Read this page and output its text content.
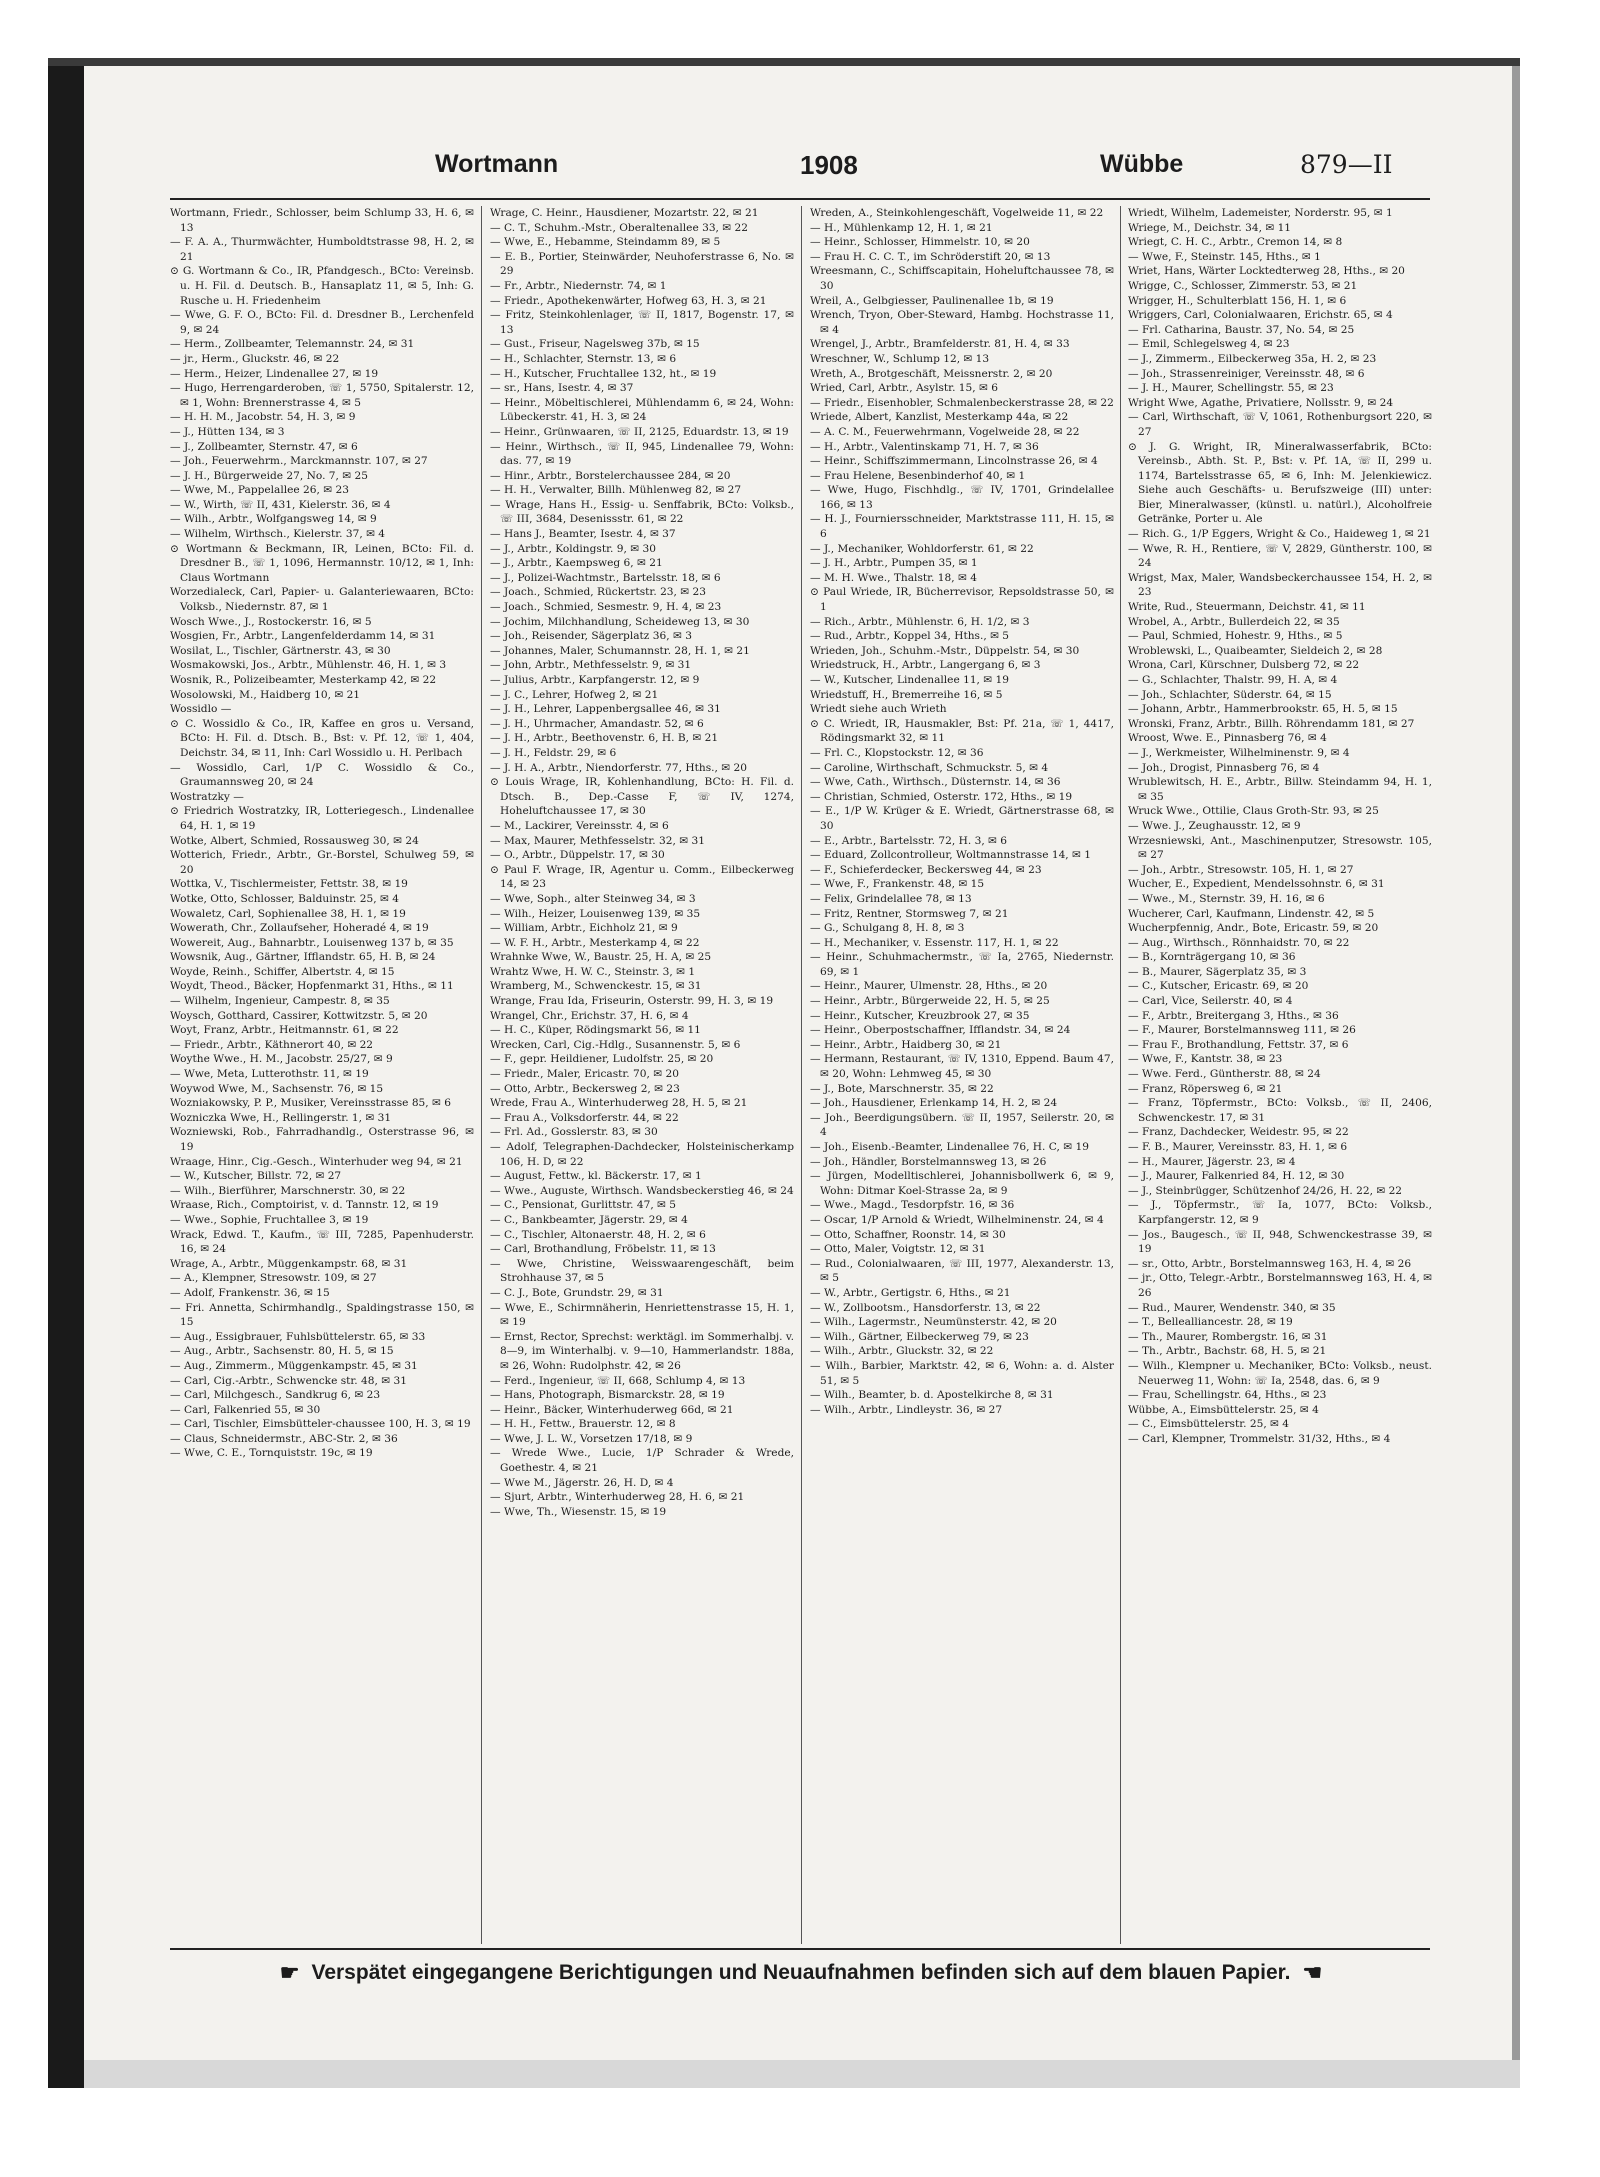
Wortmann	1908	Wübbe	879—II

Wortmann, Friedr., Schlosser, beim Schlump 33, H. 6, ✉ 13

— F. A. A., Thurmwächter, Humboldtstrasse 98, H. 2, ✉ 21

⊙ G. Wortmann & Co., IR, Pfandgesch., BCto: Vereinsb. u. H. Fil. d. Deutsch. B., Hansaplatz 11, ✉ 5, Inh: G. Rusche u. H. Friedenheim

— Wwe, G. F. O., BCto: Fil. d. Dresdner B., Lerchenfeld 9, ✉ 24

— Herm., Zollbeamter, Telemannstr. 24, ✉ 31

— jr., Herm., Gluckstr. 46, ✉ 22

— Herm., Heizer, Lindenallee 27, ✉ 19

— Hugo, Herrengarderoben, ☏ 1, 5750, Spitalerstr. 12, ✉ 1, Wohn: Brennerstrasse 4, ✉ 5

— H. H. M., Jacobstr. 54, H. 3, ✉ 9

— J., Hütten 134, ✉ 3

— J., Zollbeamter, Sternstr. 47, ✉ 6

— Joh., Feuerwehrm., Marckmannstr. 107, ✉ 27

— J. H., Bürgerweide 27, No. 7, ✉ 25

— Wwe, M., Pappelallee 26, ✉ 23

— W., Wirth, ☏ II, 431, Kielerstr. 36, ✉ 4

— Wilh., Arbtr., Wolfgangsweg 14, ✉ 9

— Wilhelm, Wirthsch., Kielerstr. 37, ✉ 4

⊙ Wortmann & Beckmann, IR, Leinen, BCto: Fil. d. Dresdner B., ☏ 1, 1096, Hermannstr. 10/12, ✉ 1, Inh: Claus Wortmann

Worzedialeck, Carl, Papier- u. Galanteriewaaren, BCto: Volksb., Niedernstr. 87, ✉ 1

Wosch Wwe., J., Rostockerstr. 16, ✉ 5

Wosgien, Fr., Arbtr., Langenfelderdamm 14, ✉ 31

Wosilat, L., Tischler, Gärtnerstr. 43, ✉ 30

Wosmakowski, Jos., Arbtr., Mühlenstr. 46, H. 1, ✉ 3

Wosnik, R., Polizeibeamter, Mesterkamp 42, ✉ 22

Wosolowski, M., Haidberg 10, ✉ 21

Wossidlo —

⊙ C. Wossidlo & Co., IR, Kaffee en gros u. Versand, BCto: H. Fil. d. Dtsch. B., Bst: v. Pf. 12, ☏ 1, 404, Deichstr. 34, ✉ 11, Inh: Carl Wossidlo u. H. Perlbach

— Wossidlo, Carl, 1/P C. Wossidlo & Co., Graumannsweg 20, ✉ 24

Wostratzky —

⊙ Friedrich Wostratzky, IR, Lotteriegesch., Lindenallee 64, H. 1, ✉ 19

Wotke, Albert, Schmied, Rossausweg 30, ✉ 24

Wotterich, Friedr., Arbtr., Gr.-Borstel, Schulweg 59, ✉ 20

Wottka, V., Tischlermeister, Fettstr. 38, ✉ 19

Wotke, Otto, Schlosser, Balduinstr. 25, ✉ 4

Wowaletz, Carl, Sophienallee 38, H. 1, ✉ 19

Wowerath, Chr., Zollaufseher, Hoheradé 4, ✉ 19

Wowereit, Aug., Bahnarbtr., Louisenweg 137 b, ✉ 35

Wowsnik, Aug., Gärtner, Ifflandstr. 65, H. B, ✉ 24

Woyde, Reinh., Schiffer, Albertstr. 4, ✉ 15

Woydt, Theod., Bäcker, Hopfenmarkt 31, Hths., ✉ 11

— Wilhelm, Ingenieur, Campestr. 8, ✉ 35

Woysch, Gotthard, Cassirer, Kottwitzstr. 5, ✉ 20

Woyt, Franz, Arbtr., Heitmannstr. 61, ✉ 22

— Friedr., Arbtr., Käthnerort 40, ✉ 22

Woythe Wwe., H. M., Jacobstr. 25/27, ✉ 9

— Wwe, Meta, Lutterothstr. 11, ✉ 19

Woywod Wwe, M., Sachsenstr. 76, ✉ 15

Wozniakowsky, P. P., Musiker, Vereinsstrasse 85, ✉ 6

Wozniczka Wwe, H., Rellingerstr. 1, ✉ 31

Wozniewski, Rob., Fahrradhandlg., Osterstrasse 96, ✉ 19

Wraage, Hinr., Cig.-Gesch., Winterhuder weg 94, ✉ 21

— W., Kutscher, Billstr. 72, ✉ 27

— Wilh., Bierführer, Marschnerstr. 30, ✉ 22

Wraase, Rich., Comptoirist, v. d. Tannstr. 12, ✉ 19

— Wwe., Sophie, Fruchtallee 3, ✉ 19

Wrack, Edwd. T., Kaufm., ☏ III, 7285, Papenhuderstr. 16, ✉ 24

Wrage, A., Arbtr., Müggenkampstr. 68, ✉ 31

— A., Klempner, Stresowstr. 109, ✉ 27

— Adolf, Frankenstr. 36, ✉ 15

— Fri. Annetta, Schirmhandlg., Spaldingstrasse 150, ✉ 15

— Aug., Essigbrauer, Fuhlsbüttelerstr. 65, ✉ 33

— Aug., Arbtr., Sachsenstr. 80, H. 5, ✉ 15

— Aug., Zimmerm., Müggenkampstr. 45, ✉ 31

— Carl, Cig.-Arbtr., Schwencke str. 48, ✉ 31

— Carl, Milchgesch., Sandkrug 6, ✉ 23

— Carl, Falkenried 55, ✉ 30

— Carl, Tischler, Eimsbütteler-chaussee 100, H. 3, ✉ 19

— Claus, Schneidermstr., ABC-Str. 2, ✉ 36

— Wwe, C. E., Tornquiststr. 19c, ✉ 19

Wrage, C. Heinr., Hausdiener, Mozartstr. 22, ✉ 21

— C. T., Schuhm.-Mstr., Oberaltenallee 33, ✉ 22

— Wwe, E., Hebamme, Steindamm 89, ✉ 5

— E. B., Portier, Steinwärder, Neuhoferstrasse 6, No. ✉ 29

— Fr., Arbtr., Niedernstr. 74, ✉ 1

— Friedr., Apothekenwärter, Hofweg 63, H. 3, ✉ 21

— Fritz, Steinkohlenlager, ☏ II, 1817, Bogenstr. 17, ✉ 13

— Gust., Friseur, Nagelsweg 37b, ✉ 15

— H., Schlachter, Sternstr. 13, ✉ 6

— H., Kutscher, Fruchtallee 132, ht., ✉ 19

— sr., Hans, Isestr. 4, ✉ 37

— Heinr., Möbeltischlerei, Mühlendamm 6, ✉ 24, Wohn: Lübeckerstr. 41, H. 3, ✉ 24

— Heinr., Grünwaaren, ☏ II, 2125, Eduardstr. 13, ✉ 19

— Heinr., Wirthsch., ☏ II, 945, Lindenallee 79, Wohn: das. 77, ✉ 19

— Hinr., Arbtr., Borstelerchaussee 284, ✉ 20

— H. H., Verwalter, Billh. Mühlenweg 82, ✉ 27

— Wrage, Hans H., Essig- u. Senffabrik, BCto: Volksb., ☏ III, 3684, Desenissstr. 61, ✉ 22

— Hans J., Beamter, Isestr. 4, ✉ 37

— J., Arbtr., Koldingstr. 9, ✉ 30

— J., Arbtr., Kaempsweg 6, ✉ 21

— J., Polizei-Wachtmstr., Bartelsstr. 18, ✉ 6

— Joach., Schmied, Rückertstr. 23, ✉ 23

— Joach., Schmied, Sesmestr. 9, H. 4, ✉ 23

— Jochim, Milchhandlung, Scheideweg 13, ✉ 30

— Joh., Reisender, Sägerplatz 36, ✉ 3

— Johannes, Maler, Schumannstr. 28, H. 1, ✉ 21

— John, Arbtr., Methfesselstr. 9, ✉ 31

— Julius, Arbtr., Karpfangerstr. 12, ✉ 9

— J. C., Lehrer, Hofweg 2, ✉ 21

— J. H., Lehrer, Lappenbergsallee 46, ✉ 31

— J. H., Uhrmacher, Amandastr. 52, ✉ 6

— J. H., Arbtr., Beethovenstr. 6, H. B, ✉ 21

— J. H., Feldstr. 29, ✉ 6

— J. H. A., Arbtr., Niendorferstr. 77, Hths., ✉ 20

⊙ Louis Wrage, IR, Kohlenhandlung, BCto: H. Fil. d. Dtsch. B., Dep.-Casse F, ☏ IV, 1274, Hoheluftchaussee 17, ✉ 30

— M., Lackirer, Vereinsstr. 4, ✉ 6

— Max, Maurer, Methfesselstr. 32, ✉ 31

— O., Arbtr., Düppelstr. 17, ✉ 30

⊙ Paul F. Wrage, IR, Agentur u. Comm., Eilbeckerweg 14, ✉ 23

— Wwe, Soph., alter Steinweg 34, ✉ 3

— Wilh., Heizer, Louisenweg 139, ✉ 35

— William, Arbtr., Eichholz 21, ✉ 9

— W. F. H., Arbtr., Mesterkamp 4, ✉ 22

Wrahnke Wwe, W., Baustr. 25, H. A, ✉ 25

Wrahtz Wwe, H. W. C., Steinstr. 3, ✉ 1

Wramberg, M., Schwenckestr. 15, ✉ 31

Wrange, Frau Ida, Friseurin, Osterstr. 99, H. 3, ✉ 19

Wrangel, Chr., Erichstr. 37, H. 6, ✉ 4

— H. C., Küper, Rödingsmarkt 56, ✉ 11

Wrecken, Carl, Cig.-Hdlg., Susannenstr. 5, ✉ 6

— F., gepr. Heildiener, Ludolfstr. 25, ✉ 20

— Friedr., Maler, Ericastr. 70, ✉ 20

— Otto, Arbtr., Beckersweg 2, ✉ 23

Wrede, Frau A., Winterhuderweg 28, H. 5, ✉ 21

— Frau A., Volksdorferstr. 44, ✉ 22

— Frl. Ad., Gosslerstr. 83, ✉ 30

— Adolf, Telegraphen-Dachdecker, Holsteinischerkamp 106, H. D, ✉ 22

— August, Fettw., kl. Bäckerstr. 17, ✉ 1

— Wwe., Auguste, Wirthsch. Wandsbeckerstieg 46, ✉ 24

— C., Pensionat, Gurlittstr. 47, ✉ 5

— C., Bankbeamter, Jägerstr. 29, ✉ 4

— C., Tischler, Altonaerstr. 48, H. 2, ✉ 6

— Carl, Brothandlung, Fröbelstr. 11, ✉ 13

— Wwe, Christine, Weisswaarengeschäft, beim Strohhause 37, ✉ 5

— C. J., Bote, Grundstr. 29, ✉ 31

— Wwe, E., Schirmnäherin, Henriettenstrasse 15, H. 1, ✉ 19

— Ernst, Rector, Sprechst: werktägl. im Sommerhalbj. v. 8—9, im Winterhalbj. v. 9—10, Hammerlandstr. 188a, ✉ 26, Wohn: Rudolphstr. 42, ✉ 26

— Ferd., Ingenieur, ☏ II, 668, Schlump 4, ✉ 13

— Hans, Photograph, Bismarckstr. 28, ✉ 19

— Heinr., Bäcker, Winterhuderweg 66d, ✉ 21

— H. H., Fettw., Brauerstr. 12, ✉ 8

— Wwe, J. L. W., Vorsetzen 17/18, ✉ 9

— Wrede Wwe., Lucie, 1/P Schrader & Wrede, Goethestr. 4, ✉ 21

— Wwe M., Jägerstr. 26, H. D, ✉ 4

— Sjurt, Arbtr., Winterhuderweg 28, H. 6, ✉ 21

— Wwe, Th., Wiesenstr. 15, ✉ 19

Wreden, A., Steinkohlengeschäft, Vogelweide 11, ✉ 22

— H., Mühlenkamp 12, H. 1, ✉ 21

— Heinr., Schlosser, Himmelstr. 10, ✉ 20

— Frau H. C. C. T., im Schröderstift 20, ✉ 13

Wreesmann, C., Schiffscapitain, Hoheluftchaussee 78, ✉ 30

Wreil, A., Gelbgiesser, Paulinenallee 1b, ✉ 19

Wrench, Tryon, Ober-Steward, Hambg. Hochstrasse 11, ✉ 4

Wrengel, J., Arbtr., Bramfelderstr. 81, H. 4, ✉ 33

Wreschner, W., Schlump 12, ✉ 13

Wreth, A., Brotgeschäft, Meissnerstr. 2, ✉ 20

Wried, Carl, Arbtr., Asylstr. 15, ✉ 6

— Friedr., Eisenhobler, Schmalenbeckerstrasse 28, ✉ 22

Wriede, Albert, Kanzlist, Mesterkamp 44a, ✉ 22

— A. C. M., Feuerwehrmann, Vogelweide 28, ✉ 22

— H., Arbtr., Valentinskamp 71, H. 7, ✉ 36

— Heinr., Schiffszimmermann, Lincolnstrasse 26, ✉ 4

— Frau Helene, Besenbinderhof 40, ✉ 1

— Wwe, Hugo, Fischhdlg., ☏ IV, 1701, Grindelallee 166, ✉ 13

— H. J., Fourniersschneider, Marktstrasse 111, H. 15, ✉ 6

— J., Mechaniker, Wohldorferstr. 61, ✉ 22

— J. H., Arbtr., Pumpen 35, ✉ 1

— M. H. Wwe., Thalstr. 18, ✉ 4

⊙ Paul Wriede, IR, Bücherrevisor, Repsoldstrasse 50, ✉ 1

— Rich., Arbtr., Mühlenstr. 6, H. 1/2, ✉ 3

— Rud., Arbtr., Koppel 34, Hths., ✉ 5

Wrieden, Joh., Schuhm.-Mstr., Düppelstr. 54, ✉ 30

Wriedstruck, H., Arbtr., Langergang 6, ✉ 3

— W., Kutscher, Lindenallee 11, ✉ 19

Wriedstuff, H., Bremerreihe 16, ✉ 5

Wriedt siehe auch Wrieth

⊙ C. Wriedt, IR, Hausmakler, Bst: Pf. 21a, ☏ 1, 4417, Rödingsmarkt 32, ✉ 11

— Frl. C., Klopstockstr. 12, ✉ 36

— Caroline, Wirthschaft, Schmuckstr. 5, ✉ 4

— Wwe, Cath., Wirthsch., Düsternstr. 14, ✉ 36

— Christian, Schmied, Osterstr. 172, Hths., ✉ 19

— E., 1/P W. Krüger & E. Wriedt, Gärtnerstrasse 68, ✉ 30

— E., Arbtr., Bartelsstr. 72, H. 3, ✉ 6

— Eduard, Zollcontrolleur, Woltmannstrasse 14, ✉ 1

— F., Schieferdecker, Beckersweg 44, ✉ 23

— Wwe, F., Frankenstr. 48, ✉ 15

— Felix, Grindelallee 78, ✉ 13

— Fritz, Rentner, Stormsweg 7, ✉ 21

— G., Schulgang 8, H. 8, ✉ 3

— H., Mechaniker, v. Essenstr. 117, H. 1, ✉ 22

— Heinr., Schuhmachermstr., ☏ Ia, 2765, Niedernstr. 69, ✉ 1

— Heinr., Maurer, Ulmenstr. 28, Hths., ✉ 20

— Heinr., Arbtr., Bürgerweide 22, H. 5, ✉ 25

— Heinr., Kutscher, Kreuzbrook 27, ✉ 35

— Heinr., Oberpostschaffner, Ifflandstr. 34, ✉ 24

— Heinr., Arbtr., Haidberg 30, ✉ 21

— Hermann, Restaurant, ☏ IV, 1310, Eppend. Baum 47, ✉ 20, Wohn: Lehmweg 45, ✉ 30

— J., Bote, Marschnerstr. 35, ✉ 22

— Joh., Hausdiener, Erlenkamp 14, H. 2, ✉ 24

— Joh., Beerdigungsübern. ☏ II, 1957, Seilerstr. 20, ✉ 4

— Joh., Eisenb.-Beamter, Lindenallee 76, H. C, ✉ 19

— Joh., Händler, Borstelmannsweg 13, ✉ 26

— Jürgen, Modelltischlerei, Johannisbollwerk 6, ✉ 9, Wohn: Ditmar Koel-Strasse 2a, ✉ 9

— Wwe., Magd., Tesdorpfstr. 16, ✉ 36

— Oscar, 1/P Arnold & Wriedt, Wilhelminenstr. 24, ✉ 4

— Otto, Schaffner, Roonstr. 14, ✉ 30

— Otto, Maler, Voigtstr. 12, ✉ 31

— Rud., Colonialwaaren, ☏ III, 1977, Alexanderstr. 13, ✉ 5

— W., Arbtr., Gertigstr. 6, Hths., ✉ 21

— W., Zollbootsm., Hansdorferstr. 13, ✉ 22

— Wilh., Lagermstr., Neumünsterstr. 42, ✉ 20

— Wilh., Gärtner, Eilbeckerweg 79, ✉ 23

— Wilh., Arbtr., Gluckstr. 32, ✉ 22

— Wilh., Barbier, Marktstr. 42, ✉ 6, Wohn: a. d. Alster 51, ✉ 5

— Wilh., Beamter, b. d. Apostelkirche 8, ✉ 31

— Wilh., Arbtr., Lindleystr. 36, ✉ 27

Wriedt, Wilhelm, Lademeister, Norderstr. 95, ✉ 1

Wriege, M., Deichstr. 34, ✉ 11

Wriegt, C. H. C., Arbtr., Cremon 14, ✉ 8

— Wwe, F., Steinstr. 145, Hths., ✉ 1

Wriet, Hans, Wärter Locktedterweg 28, Hths., ✉ 20

Wrigge, C., Schlosser, Zimmerstr. 53, ✉ 21

Wrigger, H., Schulterblatt 156, H. 1, ✉ 6

Wriggers, Carl, Colonialwaaren, Erichstr. 65, ✉ 4

— Frl. Catharina, Baustr. 37, No. 54, ✉ 25

— Emil, Schlegelsweg 4, ✉ 23

— J., Zimmerm., Eilbeckerweg 35a, H. 2, ✉ 23

— Joh., Strassenreiniger, Vereinsstr. 48, ✉ 6

— J. H., Maurer, Schellingstr. 55, ✉ 23

Wright Wwe, Agathe, Privatiere, Nollsstr. 9, ✉ 24

— Carl, Wirthschaft, ☏ V, 1061, Rothenburgsort 220, ✉ 27

⊙ J. G. Wright, IR, Mineralwasserfabrik, BCto: Vereinsb., Abth. St. P., Bst: v. Pf. 1A, ☏ II, 299 u. 1174, Bartelsstrasse 65, ✉ 6, Inh: M. Jelenkiewicz. Siehe auch Geschäfts- u. Berufszweige (III) unter: Bier, Mineralwasser, (künstl. u. natürl.), Alcoholfreie Getränke, Porter u. Ale

— Rich. G., 1/P Eggers, Wright & Co., Haideweg 1, ✉ 21

— Wwe, R. H., Rentiere, ☏ V, 2829, Güntherstr. 100, ✉ 24

Wrigst, Max, Maler, Wandsbeckerchaussee 154, H. 2, ✉ 23

Write, Rud., Steuermann, Deichstr. 41, ✉ 11

Wrobel, A., Arbtr., Bullerdeich 22, ✉ 35

— Paul, Schmied, Hohestr. 9, Hths., ✉ 5

Wroblewski, L., Quaibeamter, Sieldeich 2, ✉ 28

Wrona, Carl, Kürschner, Dulsberg 72, ✉ 22

— G., Schlachter, Thalstr. 99, H. A, ✉ 4

— Joh., Schlachter, Süderstr. 64, ✉ 15

— Johann, Arbtr., Hammerbrookstr. 65, H. 5, ✉ 15

Wronski, Franz, Arbtr., Billh. Röhrendamm 181, ✉ 27

Wroost, Wwe. E., Pinnasberg 76, ✉ 4

— J., Werkmeister, Wilhelminenstr. 9, ✉ 4

— Joh., Drogist, Pinnasberg 76, ✉ 4

Wrublewitsch, H. E., Arbtr., Billw. Steindamm 94, H. 1, ✉ 35

Wruck Wwe., Ottilie, Claus Groth-Str. 93, ✉ 25

— Wwe. J., Zeughausstr. 12, ✉ 9

Wrzesniewski, Ant., Maschinenputzer, Stresowstr. 105, ✉ 27

— Joh., Arbtr., Stresowstr. 105, H. 1, ✉ 27

Wucher, E., Expedient, Mendelssohnstr. 6, ✉ 31

— Wwe., M., Sternstr. 39, H. 16, ✉ 6

Wucherer, Carl, Kaufmann, Lindenstr. 42, ✉ 5

Wucherpfennig, Andr., Bote, Ericastr. 59, ✉ 20

— Aug., Wirthsch., Rönnhaidstr. 70, ✉ 22

— B., Kornträgergang 10, ✉ 36

— B., Maurer, Sägerplatz 35, ✉ 3

— C., Kutscher, Ericastr. 69, ✉ 20

— Carl, Vice, Seilerstr. 40, ✉ 4

— F., Arbtr., Breitergang 3, Hths., ✉ 36

— F., Maurer, Borstelmannsweg 111, ✉ 26

— Frau F., Brothandlung, Fettstr. 37, ✉ 6

— Wwe, F., Kantstr. 38, ✉ 23

— Wwe. Ferd., Güntherstr. 88, ✉ 24

— Franz, Röpersweg 6, ✉ 21

— Franz, Töpfermstr., BCto: Volksb., ☏ II, 2406, Schwenckestr. 17, ✉ 31

— Franz, Dachdecker, Weidestr. 95, ✉ 22

— F. B., Maurer, Vereinsstr. 83, H. 1, ✉ 6

— H., Maurer, Jägerstr. 23, ✉ 4

— J., Maurer, Falkenried 84, H. 12, ✉ 30

— J., Steinbrügger, Schützenhof 24/26, H. 22, ✉ 22

— J., Töpfermstr., ☏ Ia, 1077, BCto: Volksb., Karpfangerstr. 12, ✉ 9

— Jos., Baugesch., ☏ II, 948, Schwenckestrasse 39, ✉ 19

— sr., Otto, Arbtr., Borstelmannsweg 163, H. 4, ✉ 26

— jr., Otto, Telegr.-Arbtr., Borstelmannsweg 163, H. 4, ✉ 26

— Rud., Maurer, Wendenstr. 340, ✉ 35

— T., Bellealliancestr. 28, ✉ 19

— Th., Maurer, Rombergstr. 16, ✉ 31

— Th., Arbtr., Bachstr. 68, H. 5, ✉ 21

— Wilh., Klempner u. Mechaniker, BCto: Volksb., neust. Neuerweg 11, Wohn: ☏ Ia, 2548, das. 6, ✉ 9

— Frau, Schellingstr. 64, Hths., ✉ 23

Wübbe, A., Eimsbüttelerstr. 25, ✉ 4

— C., Eimsbüttelerstr. 25, ✉ 4

— Carl, Klempner, Trommelstr. 31/32, Hths., ✉ 4

☛ Verspätet eingegangene Berichtigungen und Neuaufnahmen befinden sich auf dem blauen Papier. ☚
